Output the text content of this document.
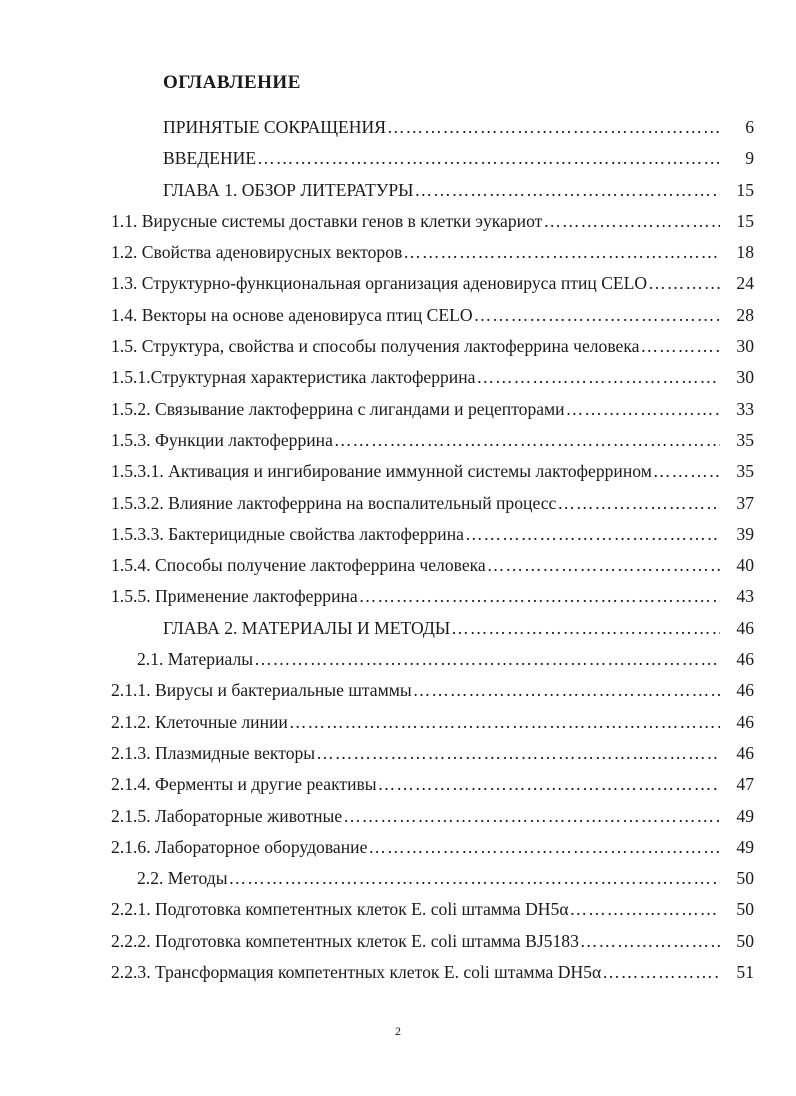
ОГЛАВЛЕНИЕ
ПРИНЯТЫЕ СОКРАЩЕНИЯ ………………………………………………………………………………………………………………………………………………	6
ВВЕДЕНИЕ ………………………………………………………………………………………………………………………………………………	9
ГЛАВА 1. ОБЗОР ЛИТЕРАТУРЫ ………………………………………………………………………………………………………………………………………………	15
1.1. Вирусные системы доставки генов в клетки эукариот ………………………………………………………………………………………………………………………………………………	15
1.2. Свойства аденовирусных векторов ………………………………………………………………………………………………………………………………………………	18
1.3. Структурно-функциональная организация аденовируса птиц CELO ………………………………………………………………………………………………………………………………………………	24
1.4. Векторы на основе аденовируса птиц CELO ………………………………………………………………………………………………………………………………………………	28
1.5. Структура, свойства и способы получения лактоферрина человека ………………………………………………………………………………………………………………………………………………	30
1.5.1.Структурная характеристика лактоферрина ………………………………………………………………………………………………………………………………………………	30
1.5.2. Связывание лактоферрина с лигандами и рецепторами ………………………………………………………………………………………………………………………………………………	33
1.5.3. Функции лактоферрина ………………………………………………………………………………………………………………………………………………	35
1.5.3.1. Активация и ингибирование иммунной системы лактоферрином ………………………………………………………………………………………………………………………………………………	35
1.5.3.2. Влияние лактоферрина на воспалительный процесс ………………………………………………………………………………………………………………………………………………	37
1.5.3.3. Бактерицидные свойства лактоферрина ………………………………………………………………………………………………………………………………………………	39
1.5.4. Способы получение лактоферрина человека ………………………………………………………………………………………………………………………………………………	40
1.5.5. Применение лактоферрина ………………………………………………………………………………………………………………………………………………	43
ГЛАВА 2. МАТЕРИАЛЫ И МЕТОДЫ ………………………………………………………………………………………………………………………………………………	46
2.1. Материалы ………………………………………………………………………………………………………………………………………………	46
2.1.1. Вирусы и бактериальные штаммы ………………………………………………………………………………………………………………………………………………	46
2.1.2. Клеточные линии ………………………………………………………………………………………………………………………………………………	46
2.1.3. Плазмидные векторы ………………………………………………………………………………………………………………………………………………	46
2.1.4. Ферменты и другие реактивы ………………………………………………………………………………………………………………………………………………	47
2.1.5. Лабораторные животные ………………………………………………………………………………………………………………………………………………	49
2.1.6. Лабораторное оборудование ………………………………………………………………………………………………………………………………………………	49
2.2. Методы ………………………………………………………………………………………………………………………………………………	50
2.2.1. Подготовка компетентных клеток E. coli штамма DH5α ………………………………………………………………………………………………………………………………………………	50
2.2.2. Подготовка компетентных клеток E. coli штамма BJ5183 ………………………………………………………………………………………………………………………………………………	50
2.2.3. Трансформация компетентных клеток E. coli штамма DH5α ………………………………………………………………………………………………………………………………………………	51
2
